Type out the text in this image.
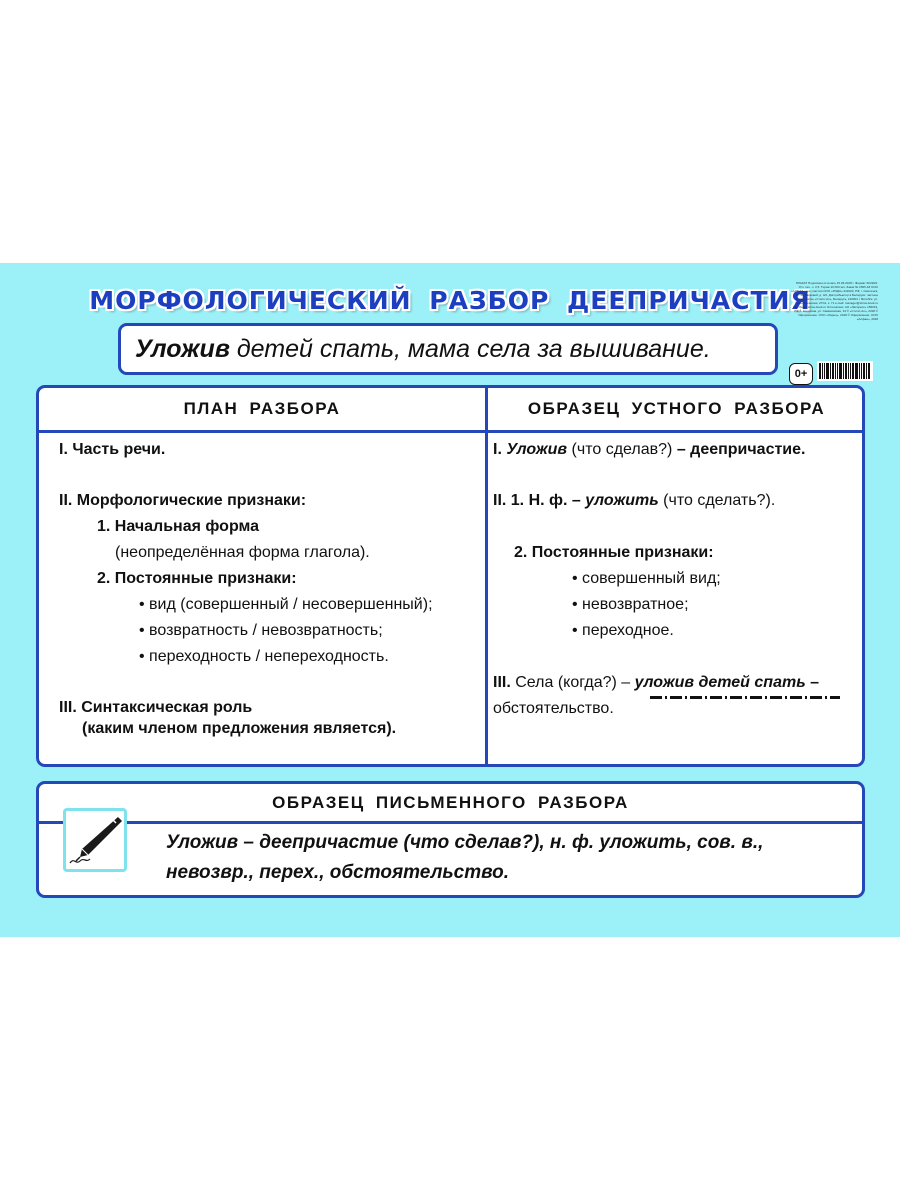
МОРФОЛОГИЧЕСКИЙ РАЗБОР ДЕЕПРИЧАСТИЯ
Уложив детей спать, мама села за вышивание.
ПЛАКАТ Подписано в печать 15.06.2018 г. Формат 60х90/2. Усл. печ. л. 0,5. Тираж 10 000 экз. Заказ № 2565-18 ООО «АЛМАЗ» при участии ООО «РОДА» 214020, РФ, г. Смоленск, ул. М. Расковой, д. 4/2. Дистрибьютор в Беларуси: частное предприятие «Стилл-Ал», Беларусь, 210001 г. Витебск, ул. Комсомольская, 27/11, к. 71 e-mail: manager@stiros-book.ru http://www.stiros-book.ru Отпечатано: АО «Экспресс» 156019, РФ, г. Кострома, ул. Самоковская, 13 © «Стилл-Ал», 2018 © Оформление. ООО «Ларец», 2018 © Оформление. ООО «Алфан», 2018
0+
ПЛАН РАЗБОРА	ОБРАЗЕЦ УСТНОГО РАЗБОРА
I. Часть речи.
II. Морфологические признаки:
1. Начальная форма
(неопределённая форма глагола).
2. Постоянные признаки:
• вид (совершенный / несовершенный);
• возвратность / невозвратность;
• переходность / непереходность.
III. Синтаксическая роль
(каким членом предложения является).
I. Уложив (что сделав?) – деепричастие.
II. 1. Н. ф. – уложить (что сделать?).
2. Постоянные признаки:
• совершенный вид;
• невозвратное;
• переходное.
III. Села (когда?) – уложив детей спать –
обстоятельство.
ОБРАЗЕЦ ПИСЬМЕННОГО РАЗБОРА
Уложив – деепричастие (что сделав?), н. ф. уложить, сов. в.,
невозвр., перех., обстоятельство.
